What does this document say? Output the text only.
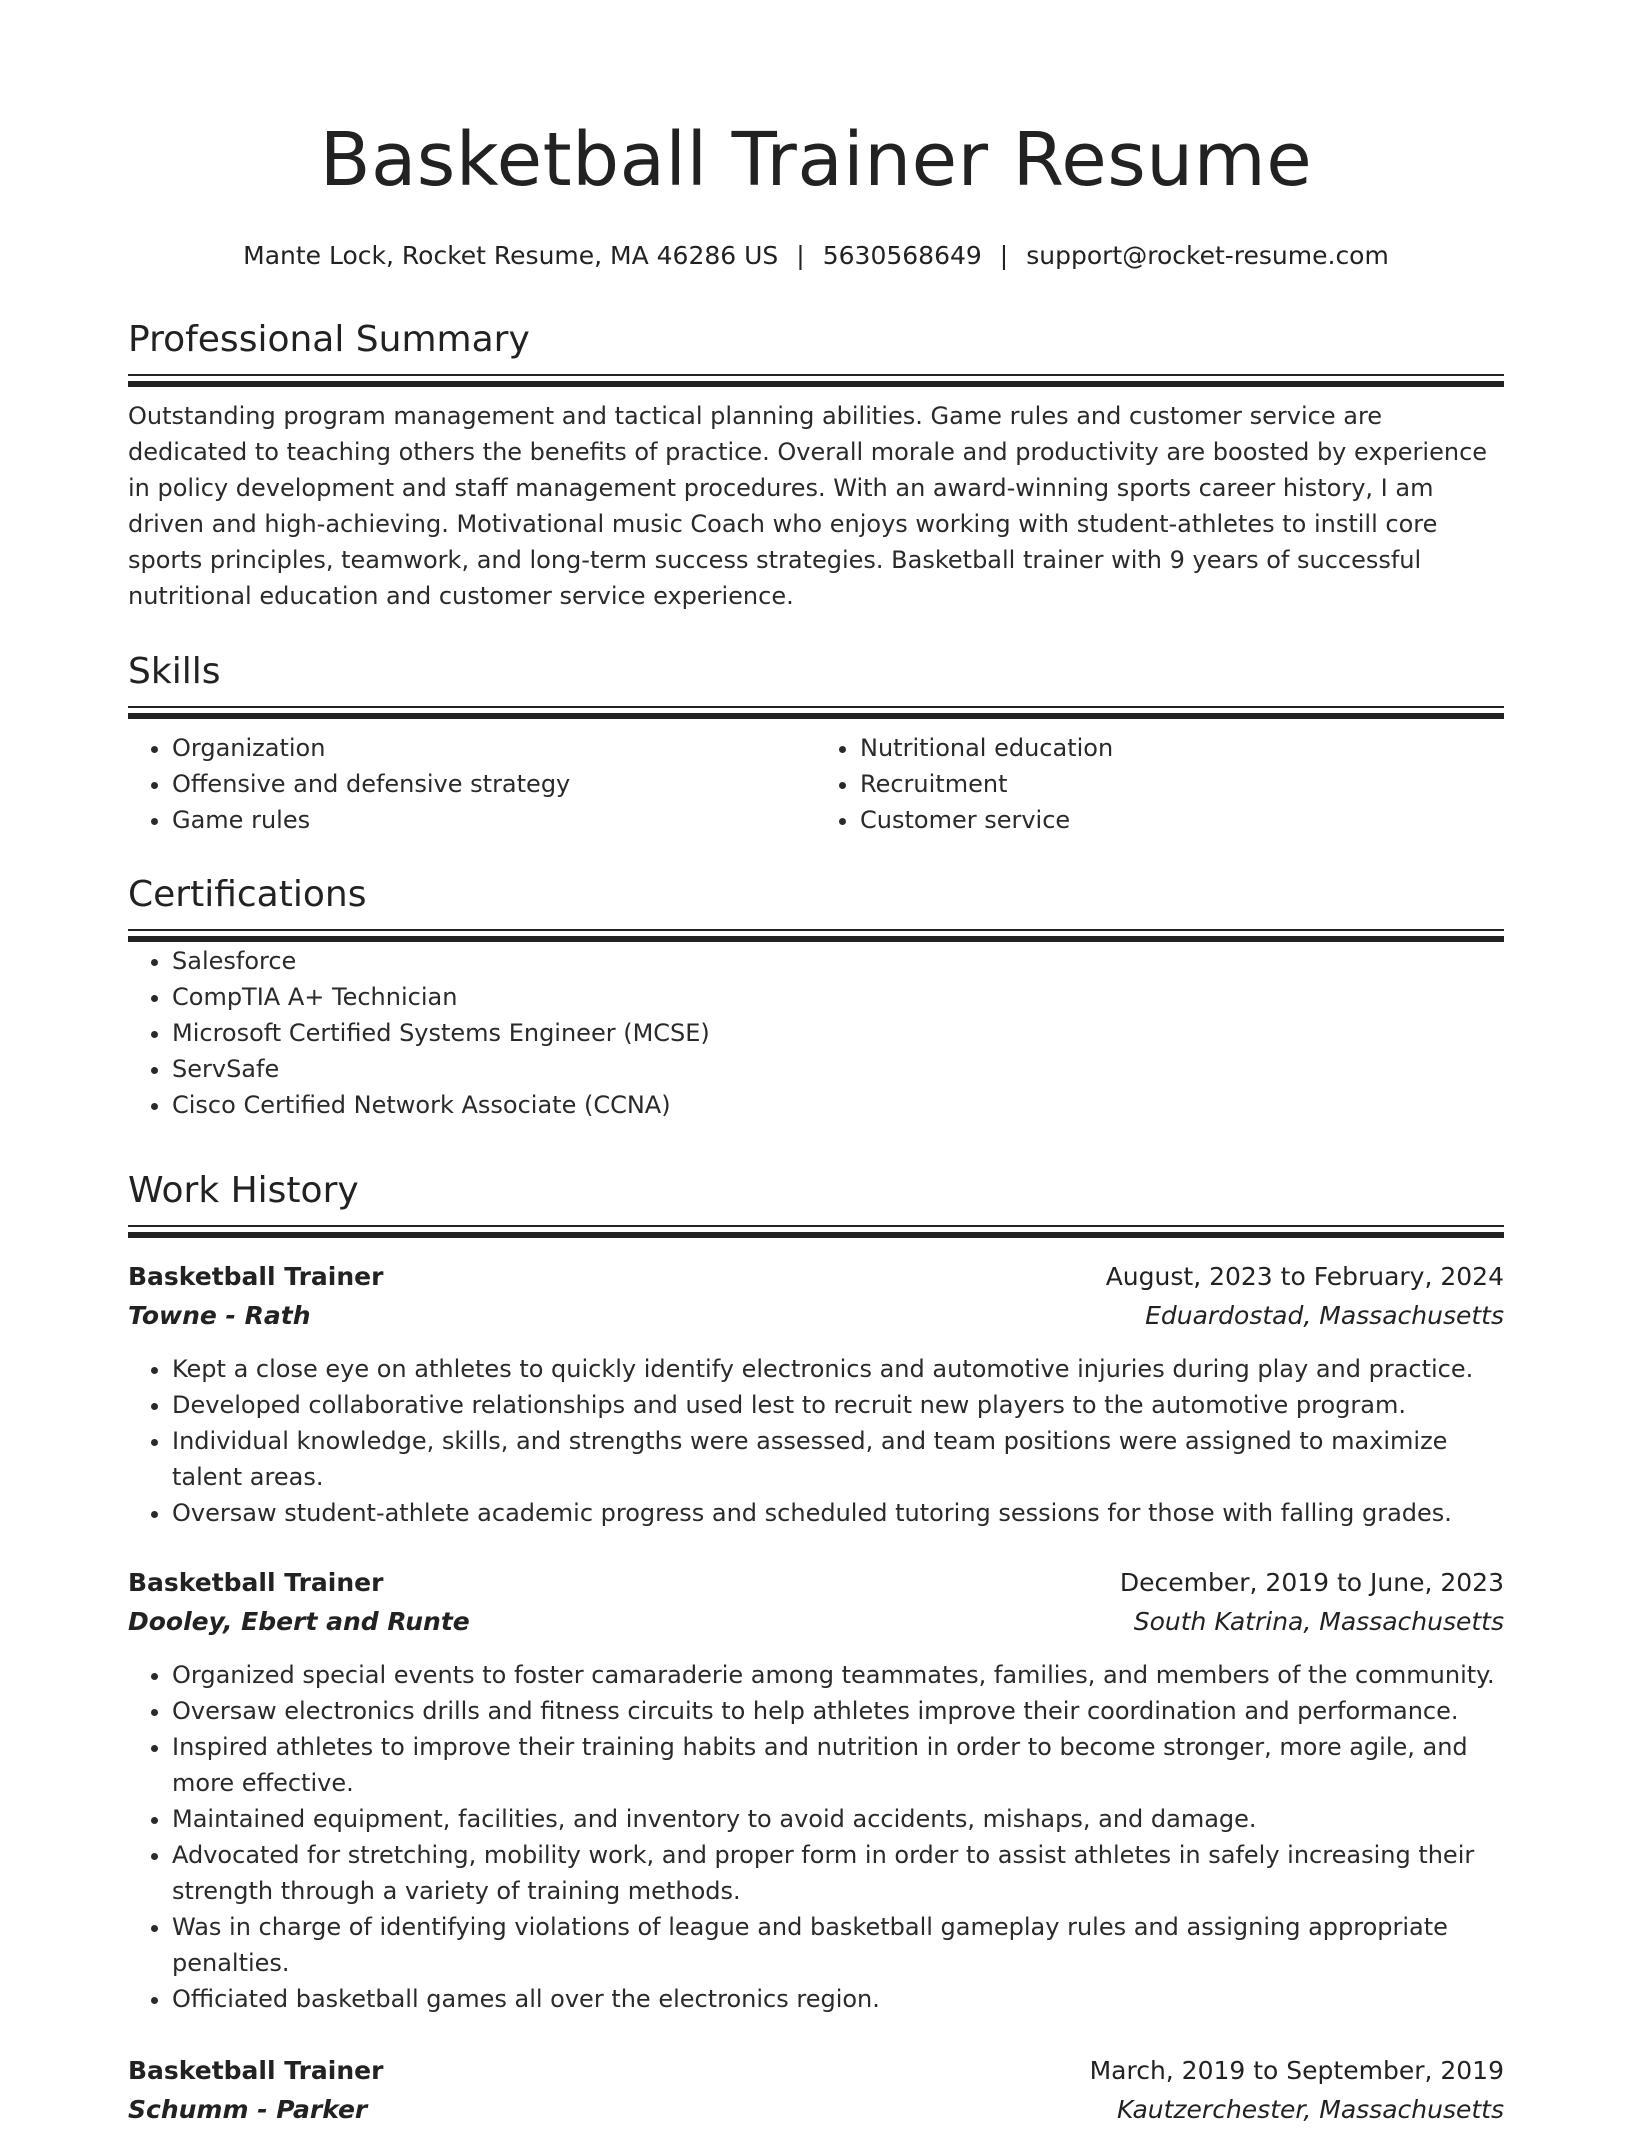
Basketball Trainer Resume
Mante Lock, Rocket Resume, MA 46286 US | 5630568649 | support@rocket-resume.com
Professional Summary

Outstanding program management and tactical planning abilities. Game rules and customer service are dedicated to teaching others the benefits of practice. Overall morale and productivity are boosted by experience in policy development and staff management procedures. With an award-winning sports career history, I am driven and high-achieving. Motivational music Coach who enjoys working with student-athletes to instill core sports principles, teamwork, and long-term success strategies. Basketball trainer with 9 years of successful nutritional education and customer service experience.

Skills
• Organization
• Offensive and defensive strategy
• Game rules
• Nutritional education
• Recruitment
• Customer service
Certifications
• Salesforce
• CompTIA A+ Technician
• Microsoft Certified Systems Engineer (MCSE)
• ServSafe
• Cisco Certified Network Associate (CCNA)
Work History
Basketball Trainer	August, 2023 to February, 2024
Towne - Rath	Eduardostad, Massachusetts
• Kept a close eye on athletes to quickly identify electronics and automotive injuries during play and practice.
• Developed collaborative relationships and used lest to recruit new players to the automotive program.
• Individual knowledge, skills, and strengths were assessed, and team positions were assigned to maximize talent areas.
• Oversaw student-athlete academic progress and scheduled tutoring sessions for those with falling grades.
Basketball Trainer	December, 2019 to June, 2023
Dooley, Ebert and Runte	South Katrina, Massachusetts
• Organized special events to foster camaraderie among teammates, families, and members of the community.
• Oversaw electronics drills and fitness circuits to help athletes improve their coordination and performance.
• Inspired athletes to improve their training habits and nutrition in order to become stronger, more agile, and more effective.
• Maintained equipment, facilities, and inventory to avoid accidents, mishaps, and damage.
• Advocated for stretching, mobility work, and proper form in order to assist athletes in safely increasing their strength through a variety of training methods.
• Was in charge of identifying violations of league and basketball gameplay rules and assigning appropriate penalties.
• Officiated basketball games all over the electronics region.
Basketball Trainer	March, 2019 to September, 2019
Schumm - Parker	Kautzerchester, Massachusetts
